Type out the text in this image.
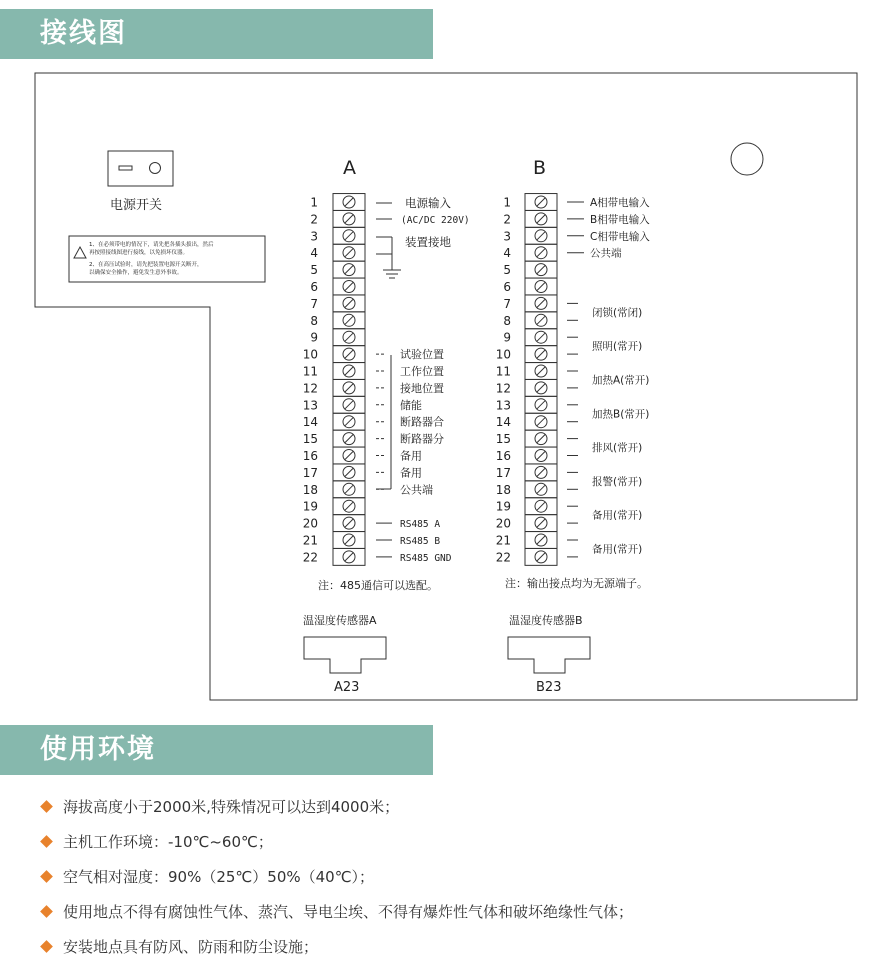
接线图
电源开关
1、在必须带电的情况下，请先把各插头拔出，然后
再按照接线图进行接线，以免损坏仪器。
2、在高压试验时，请先把装置电源开关断开，
以确保安全操作，避免发生意外事故。
A	B
1
2
3
4
5
6
7
8
9
10
11
12
13
14
15
16
17
18
19
20
21
22
1
2
3
4
5
6
7
8
9
10
11
12
13
14
15
16
17
18
19
20
21
22
电源输入
(AC/DC 220V)
装置接地
试验位置
工作位置
接地位置
储能
断路器合
断路器分
备用
备用
公共端
RS485 A
RS485 B
RS485 GND
注：485通信可以选配。
A相带电输入
B相带电输入
C相带电输入
公共端
闭锁(常闭)
照明(常开)
加热A(常开)
加热B(常开)
排风(常开)
报警(常开)
备用(常开)
备用(常开)
注：输出接点均为无源端子。
温湿度传感器A
A23
温湿度传感器B
B23
使用环境
海拔高度小于2000米,特殊情况可以达到4000米；
主机工作环境：-10℃~60℃；
空气相对湿度：90%（25℃）50%（40℃）；
使用地点不得有腐蚀性气体、蒸汽、导电尘埃、不得有爆炸性气体和破坏绝缘性气体；
安装地点具有防风、防雨和防尘设施；
